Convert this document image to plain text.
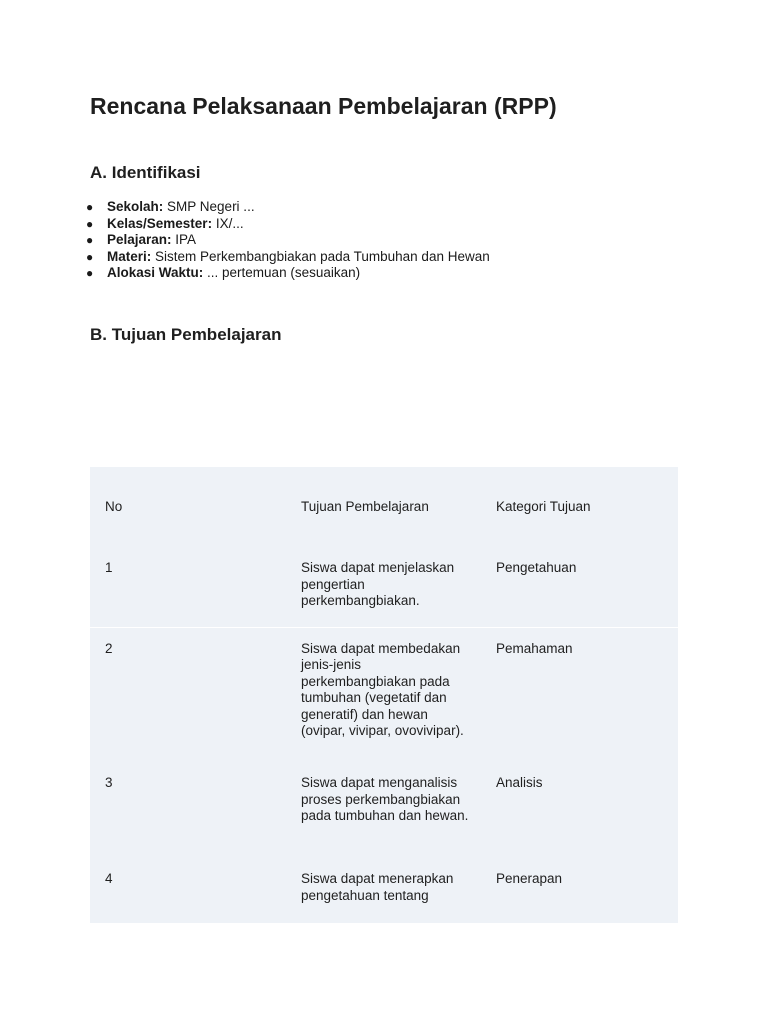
Rencana Pelaksanaan Pembelajaran (RPP)
A. Identifikasi
● Sekolah: SMP Negeri ...
● Kelas/Semester: IX/...
● Pelajaran: IPA
● Materi: Sistem Perkembangbiakan pada Tumbuhan dan Hewan
● Alokasi Waktu: ... pertemuan (sesuaikan)
B. Tujuan Pembelajaran
No	Tujuan Pembelajaran	Kategori Tujuan
1	Siswa dapat menjelaskan pengertian perkembangbiakan.	Pengetahuan
2	Siswa dapat membedakan jenis-jenis perkembangbiakan pada tumbuhan (vegetatif dan generatif) dan hewan (ovipar, vivipar, ovovivipar).	Pemahaman
3	Siswa dapat menganalisis proses perkembangbiakan pada tumbuhan dan hewan.	Analisis
4	Siswa dapat menerapkan pengetahuan tentang	Penerapan
